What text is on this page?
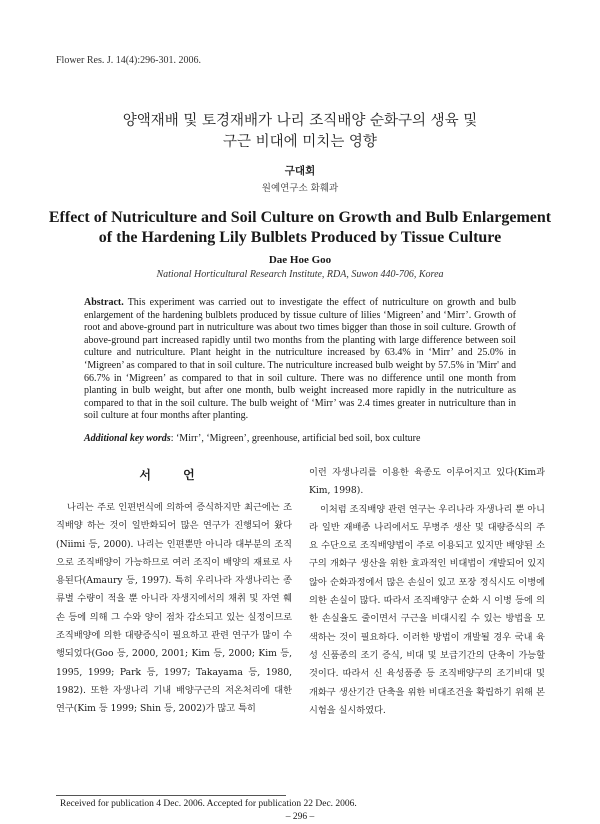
Flower Res. J. 14(4):296-301. 2006.
양액재배 및 토경재배가 나리 조직배양 순화구의 생육 및
구근 비대에 미치는 영향
구대회
원예연구소 화훼과
Effect of Nutriculture and Soil Culture on Growth and Bulb Enlargement
of the Hardening Lily Bulblets Produced by Tissue Culture
Dae Hoe Goo
National Horticultural Research Institute, RDA, Suwon 440-706, Korea

Abstract. This experiment was carried out to investigate the effect of nutriculture on growth and bulb enlargement of the hardening bulblets produced by tissue culture of lilies ‘Migreen’ and ‘Mirr’. Growth of root and above-ground part in nutriculture was about two times bigger than those in soil culture. Growth of above-ground part increased rapidly until two months from the planting with large difference between soil culture and nutriculture. Plant height in the nutriculture increased by 63.4% in ‘Mirr’ and 25.0% in ‘Migreen’ as compared to that in soil culture. The nutriculture increased bulb weight by 57.5% in 'Mirr' and 66.7% in ‘Migreen’ as compared to that in soil culture. There was no difference until one month from planting in bulb weight, but after one month, bulb weight increased more rapidly in the nutriculture as compared to that in the soil culture. The bulb weight of ‘Mirr’ was 2.4 times greater in nutriculture than in soil culture at four months after planting.

Additional key words: ‘Mirr’, ‘Migreen’, greenhouse, artificial bed soil, box culture

서 언

나리는 주로 인편번식에 의하여 증식하지만 최근에는 조직배양 하는 것이 일반화되어 많은 연구가 진행되어 왔다(Niimi 등, 2000). 나리는 인편뿐만 아니라 대부분의 조직으로 조직배양이 가능하므로 여러 조직이 배양의 재료로 사용된다(Amaury 등, 1997). 특히 우리나라 자생나리는 종류별 수량이 적을 뿐 아니라 자생지에서의 채취 및 자연 훼손 등에 의해 그 수와 양이 점차 감소되고 있는 실정이므로 조직배양에 의한 대량증식이 필요하고 관련 연구가 많이 수행되었다(Goo 등, 2000, 2001; Kim 등, 2000; Kim 등, 1995, 1999; Park 등, 1997; Takayama 등, 1980, 1982). 또한 자생나리 기내 배양구근의 저온처리에 대한 연구(Kim 등 1999; Shin 등, 2002)가 많고 특히

이런 자생나리를 이용한 육종도 이루어지고 있다(Kim과 Kim, 1998).

이처럼 조직배양 관련 연구는 우리나라 자생나리 뿐 아니라 일반 재배종 나리에서도 무병주 생산 및 대량증식의 주요 수단으로 조직배양법이 주로 이용되고 있지만 배양된 소구의 개화구 생산을 위한 효과적인 비대법이 개발되어 있지 않아 순화과정에서 많은 손실이 있고 포장 정식시도 이병에 의한 손실이 많다. 따라서 조직배양구 순화 시 이병 등에 의한 손실율도 줄이면서 구근을 비대시킬 수 있는 방법을 모색하는 것이 필요하다. 이러한 방법이 개발될 경우 국내 육성 신품종의 조기 증식, 비대 및 보급기간의 단축이 가능할 것이다. 따라서 신 육성품종 등 조직배양구의 조기비대 및 개화구 생산기간 단축을 위한 비대조건을 확립하기 위해 본 시험을 실시하였다.

Received for publication 4 Dec. 2006. Accepted for publication 22 Dec. 2006.
– 296 –
